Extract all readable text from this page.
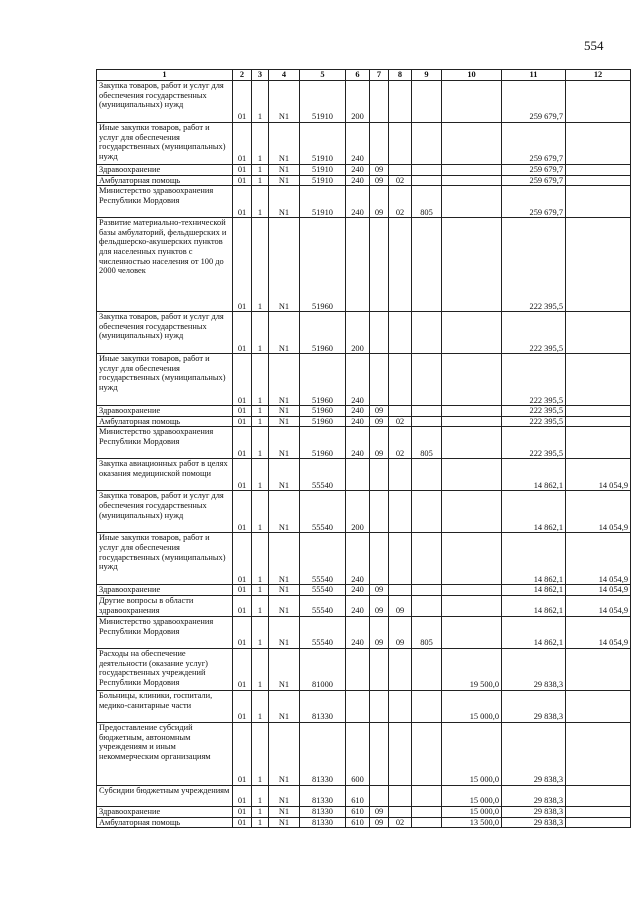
554
1	2	3	4	5	6	7	8	9	10	11	12
Закупка товаров, работ и услуг для обеспечения государственных (муниципальных) нужд	01	1	N1	51910	200					259 679,7	
Иные закупки товаров, работ и услуг для обеспечения государственных (муниципальных) нужд	01	1	N1	51910	240					259 679,7	
Здравоохранение	01	1	N1	51910	240	09				259 679,7	
Амбулаторная помощь	01	1	N1	51910	240	09	02			259 679,7	
Министерство здравоохранения Республики Мордовия	01	1	N1	51910	240	09	02	805		259 679,7	
Развитие материально-технической базы амбулаторий, фельдшерских и фельдшерско-акушерских пунктов для населенных пунктов с численностью населения от 100 до 2000 человек	01	1	N1	51960						222 395,5	
Закупка товаров, работ и услуг для обеспечения государственных (муниципальных) нужд	01	1	N1	51960	200					222 395,5	
Иные закупки товаров, работ и услуг для обеспечения государственных (муниципальных) нужд	01	1	N1	51960	240					222 395,5	
Здравоохранение	01	1	N1	51960	240	09				222 395,5	
Амбулаторная помощь	01	1	N1	51960	240	09	02			222 395,5	
Министерство здравоохранения Республики Мордовия	01	1	N1	51960	240	09	02	805		222 395,5	
Закупка авиационных работ в целях оказания медицинской помощи	01	1	N1	55540						14 862,1	14 054,9
Закупка товаров, работ и услуг для обеспечения государственных (муниципальных) нужд	01	1	N1	55540	200					14 862,1	14 054,9
Иные закупки товаров, работ и услуг для обеспечения государственных (муниципальных) нужд	01	1	N1	55540	240					14 862,1	14 054,9
Здравоохранение	01	1	N1	55540	240	09				14 862,1	14 054,9
Другие вопросы в области здравоохранения	01	1	N1	55540	240	09	09			14 862,1	14 054,9
Министерство здравоохранения Республики Мордовия	01	1	N1	55540	240	09	09	805		14 862,1	14 054,9
Расходы на обеспечение деятельности (оказание услуг) государственных учреждений Республики Мордовия	01	1	N1	81000					19 500,0	29 838,3	
Больницы, клиники, госпитали, медико-санитарные части	01	1	N1	81330					15 000,0	29 838,3	
Предоставление субсидий бюджетным, автономным учреждениям и иным некоммерческим организациям	01	1	N1	81330	600				15 000,0	29 838,3	
Субсидии бюджетным учреждениям	01	1	N1	81330	610				15 000,0	29 838,3	
Здравоохранение	01	1	N1	81330	610	09			15 000,0	29 838,3	
Амбулаторная помощь	01	1	N1	81330	610	09	02		13 500,0	29 838,3	
